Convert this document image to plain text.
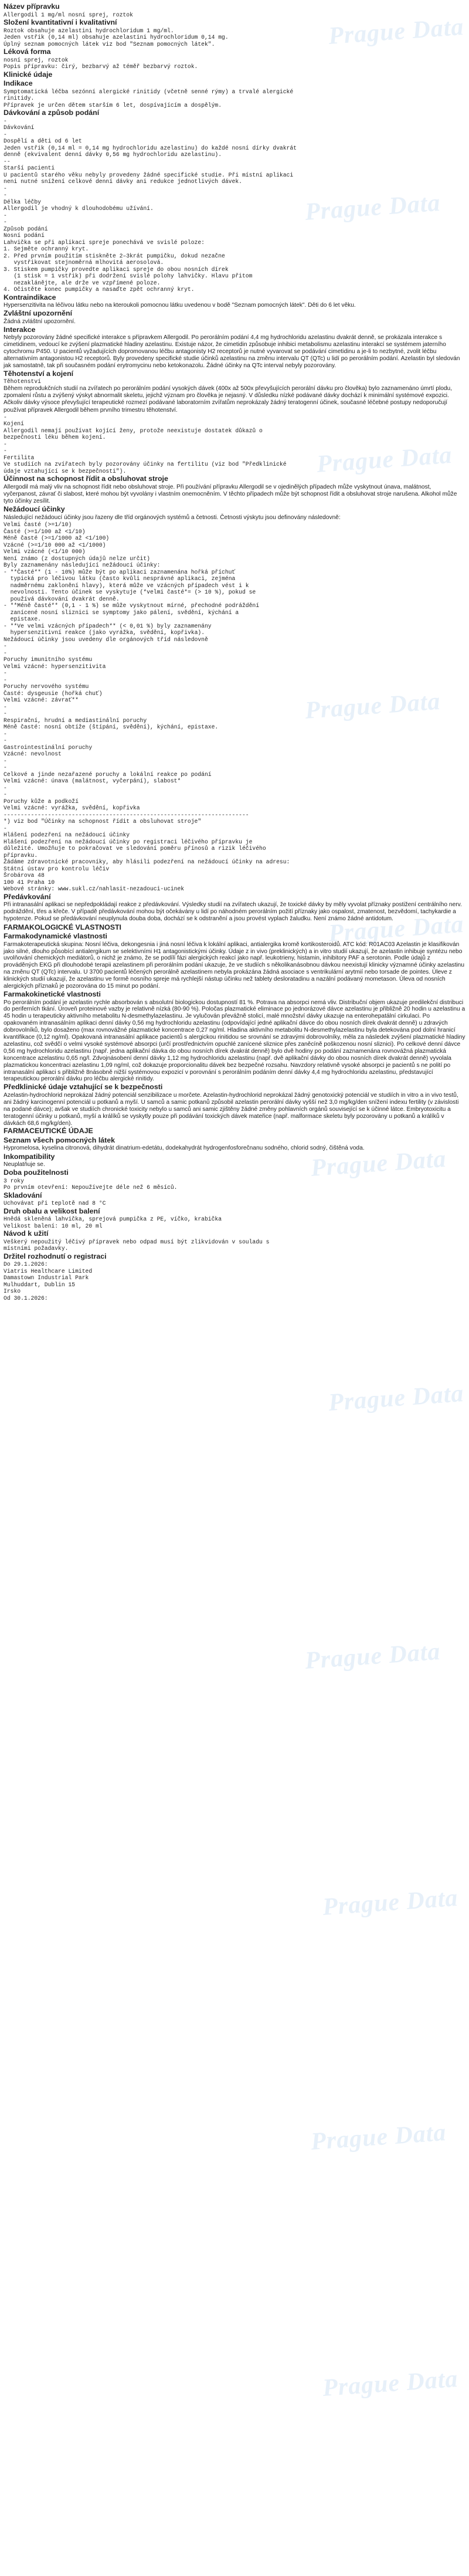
Název přípravku
Allergodil 1 mg/ml nosní sprej, roztok
Složení kvantitativní i kvalitativní
Roztok obsahuje azelastini hydrochloridum 1 mg/ml.
Jeden vstřik (0,14 ml) obsahuje azelastini hydrochloridum 0,14 mg.
Úplný seznam pomocných látek viz bod "Seznam pomocných látek".
Léková forma
nosní sprej, roztok
Popis přípravku: čirý, bezbarvý až téměř bezbarvý roztok.
Klinické údaje
Indikace
Symptomatická léčba sezónní alergické rinitidy (včetně senné rýmy) a trvalé alergické
rinitidy.
Přípravek je určen dětem starším 6 let, dospívajícím a dospělým.
Dávkování a způsob podání
-
Dávkování
-
Dospělí a děti od 6 let
Jeden vstřik (0,14 ml = 0,14 mg hydrochloridu azelastinu) do každé nosní dírky dvakrát
denně (ekvivalent denní dávky 0,56 mg hydrochloridu azelastinu).
--
Starší pacienti
U pacientů starého věku nebyly provedeny žádné specifické studie. Při místní aplikaci
neni nutné snížení celkové denní dávky ani redukce jednotlivých dávek.
-
-
Délka léčby
Allergodil je vhodný k dlouhodobému užívání.
-
-
Způsob podání
Nosní podání
Lahvička se při aplikaci spreje ponechává ve svislé poloze:
1. Sejměte ochranný kryt.
2. Před prvním použitím stiskněte 2–3krát pumpičku, dokud nezačne
vystřikovat stejnoměrná mlhovitá aerosolová.
3. Stiskem pumpičky provedte aplikaci spreje do obou nosních dírek
(1 stisk = 1 vstřik) při dodržení svislé polohy lahvičky. Hlavu přitom
nezaklánějte, ale drže ve vzpřímené poloze.
4. Očistěte konec pumpičky a nasaďte zpět ochranný kryt.
Kontraindikace
Hypersenzitivita na léčivou látku nebo na kteroukoli pomocnou látku uvedenou v bodě "Seznam pomocných látek". Děti do 6 let věku.
Zvláštní upozornění
Žádná zvláštní upozornění.
Interakce
Nebyly pozorovány žádné specifické interakce s přípravkem Allergodil. Po perorálním podání 4,4 mg hydrochloridu azelastinu dvakrát denně, se prokázala interakce s cimetidinem, vedoucí ke zvýšení plazmatické hladiny azelastinu. Existuje názor, že cimetidin způsobuje inhibici metabolismu azelastinu interakcí se systémem jaterního cytochromu P450. U pacientů vyžadujících dopromovanou léčbu antagonisty H2 receptorů je nutné vyvarovat se podávání cimetidinu a je-li to nezbytné, zvolit léčbu alternativním antagonistou H2 receptorů. Byly provedeny specifické studie účinků azelastinu na změnu intervalu QT (QTc) u lidí po perorálním podání. Azelastin byl sledován jak samostatně, tak při současném podání erytromycinu nebo ketokonazolu. Žádné účinky na QTc interval nebyly pozorovány.
Těhotenství a kojení
Těhotenství
Během reprodukčních studií na zvířatech po perorálním podání vysokých dávek (400x až 500x převyšujících perorální dávku pro člověka) bylo zaznamenáno úmrtí plodu, zpomalení růstu a zvýšený výskyt abnormalit skeletu, jejichž význam pro člověka je nejasný. V důsledku nízké podávané dávky dochází k minimální systémové expozici. Ačkoliv dávky výsoce převyšující terapeutické rozmezí podávané laboratorním zvířatům neprokázaly žádný teratogenní účinek, současné léčebné postupy nedoporučují používat přípravek Allergodil během prvního trimestru těhotenství.
-
Kojení
Allergodil nemají používat kojící ženy, protože neexistuje dostatek důkazů o
bezpečnosti léku během kojení.
-
-
Fertilita
Ve studiích na zvířatech byly pozorovány účinky na fertilitu (viz bod "Předklinické
údaje vztahující se k bezpečnosti").
Účinnost na schopnost řídit a obsluhovat stroje
Allergodil má malý vliv na schopnost řídit nebo obsluhovat stroje. Při používání přípravku Allergodil se v ojedinělých případech může vyskytnout únava, malátnost, vyčerpanost, závrať či slabost, které mohou být vyvolány i vlastním onemocněním. V těchto případech může být schopnost řídit a obsluhovat stroje narušena. Alkohol může tyto účinky zesílit.
Nežádoucí účinky
Následující nežádoucí účinky jsou řazeny dle tříd orgánových systémů a četnosti. Četnosti výskytu jsou definovány následovně:
Velmi časté (>=1/10)
Časté (>=1/100 až <1/10)
Méně časté (>=1/1000 až <1/100)
Vzácné (>=1/10 000 až <1/1000)
Velmi vzácné (<1/10 000)
Není známo (z dostupných údajů nelze určit)
Byly zaznamenány následující nežádoucí účinky:
- **Časté** (1 - 10%) může být po aplikaci zaznamenána hořká příchuť
typická pro léčivou látku (často kvůli nesprávné aplikaci, zejména
nadměrnému zaklonění hlavy), která může ve vzácných případech vést i k
nevolnosti. Tento účinek se vyskytuje (*velmi časté*= (> 10 %), pokud se
používá dávkování dvakrát denně.
- **Méně časté** (0,1 - 1 %) se může vyskytnout mírné, přechodné podráždění
zanícené nosní sliznici se symptomy jako pálení, svědění, kýchání a
epistaxe.
- **Ve velmi vzácných případech** (< 0,01 %) byly zaznamenány
hypersenzitivní reakce (jako vyrážka, svědění, kopřivka).
Nežádoucí účinky jsou uvedeny dle orgánových tříd následovně
-
-
Poruchy imunitního systému
Velmi vzácné: hypersenzitivita
-
-
Poruchy nervového systému
Časté: dysgeusie (hořká chuť)
Velmi vzácné: závrať**
-
-
Respirační, hrudní a mediastinální poruchy
Méně časté: nosní obtíže (štípání, svědění), kýchání, epistaxe.
-
-
Gastrointestinální poruchy
Vzácné: nevolnost
-
-
Celkové a jinde nezařazené poruchy a lokální reakce po podání
Velmi vzácné: únava (malátnost, vyčerpání), slabost*
-
-
Poruchy kůže a podkoží
Velmi vzácné: vyrážka, svědění, kopřivka
------------------------------------------------------------------------
*) viz bod "Účinky na schopnost řídit a obsluhovat stroje"
-
Hlášení podezření na nežádoucí účinky
Hlášení podezření na nežádoucí účinky po registraci léčivého přípravku je
důležité. Umožňuje to pokračovat ve sledování poměru přínosů a rizik léčivého
přípravku.
Žádáme zdravotnické pracovníky, aby hlásili podezření na nežádoucí účinky na adresu:
Státní ústav pro kontrolu léčiv
Šrobárova 48
100 41 Praha 10
Webové stránky: www.sukl.cz/nahlasit-nezadouci-ucinek
Předávkování
Při intranasální aplikaci se nepředpokládají reakce z předávkování. Výsledky studií na zvířatech ukazují, že toxické dávky by měly vyvolat příznaky postižení centrálního nerv. podráždění, třes a křeče. V případě předávkování mohou být očekávány u lidí po náhodném perorálním požití příznaky jako ospalost, zmatenost, bezvědomí, tachykardie a hypotenze. Pokud se předávkování neuplynula douba doba, dochází se k odstranění a jsou provést vyplach žaludku. Není známo žádné antidotum.
FARMAKOLOGICKÉ VLASTNOSTI
Farmakodynamické vlastnosti
Farmakoterapeutická skupina: Nosní léčiva, dekongesnia i jiná nosní léčiva k lokální aplikaci, antialergika kromě kortikosteroidů. ATC kód: R01AC03 Azelastin je klasifikován jako silné, dlouho působící antialergikum se selektivními H1 antagonistickými účinky. Údaje z in vivo (preklinických) a in vitro studií ukazují, že azelastin inhibuje syntézu nebo uvolňování chemických mediátorů, o nichž je známo, že se podílí fázi alergických reakcí jako např. leukotrieny, histamin, inhibitory PAF a serotonin. Podle údajů z prováděných EKG při dlouhodobé terapii azelastinem při perorálním podání ukazuje, že ve studiích s několikanásobnou dávkou neexistují klinicky významné účinky azelastinu na změnu QT (QTc) intervalu. U 3700 pacientů léčených perorálně azelastinem nebyla prokázána žádná asociace s ventrikulární arytmií nebo torsade de pointes. Úleve z klinických studií ukazují, že azelastinu ve formě nosního spreje má rychlejší nástup účinku než tablety desloratadinu a nazální podávaný mometason. Úleva od nosních alergických příznaků je pozorována do 15 minut po podání.
Farmakokinetické vlastnosti
Po perorálním podání je azelastin rychle absorbován s absolutní biologickou dostupností 81 %. Potrava na absorpci nemá vliv. Distribuční objem ukazuje predilekční distribuci do periferních tkání. Úroveň proteinové vazby je relativně nízká (80-90 %). Poločas plazmatické eliminace po jednorázové dávce azelastinu je přibližně 20 hodin u azelastinu a 45 hodin u terapeuticky aktivního metabolitu N-desmethylazelastinu. Je vylučován převážně stolicí, malé množství dávky ukazuje na enterohepatální cirkulaci. Po opakovaném intranasálním aplikaci denní dávky 0,56 mg hydrochloridu azelastinu (odpovídající jedné aplikační dávce do obou nosních dírek dvakrát denně) u zdravých dobrovolníků, bylo dosaženo (max rovnovážné plazmatické koncentrace 0,27 ng/ml. Hladina aktivního metabolitu N-desmethylazelastinu byla detekována pod dolní hranicí kvantifikace (0,12 ng/ml). Opakovaná intranasální aplikace pacientů s alergickou rinitidou se srovnání se zdravými dobrovolníky, měla za následek zvýšení plazmatické hladiny azelastinu, což svědčí o velmi vysoké systémové absorpci (určí prostřednictvím opuchlé zanícené sliznice přes zaněcíně poškozenou nosní sliznici). Po celkové denní dávce 0,56 mg hydrochloridu azelastinu (např. jedna aplikační dávka do obou nosních dírek dvakrát denně) bylo dvě hodiny po podání zaznamenána rovnovážná plazmatická koncentrace azelastinu 0,65 ng/l. Zdvojnásobení denní dávky 1,12 mg hydrochloridu azelastinu (např. dvě aplikační dávky do obou nosních dírek dvakrát denně) vyvolala plazmatickou koncentraci azelastinu 1,09 ng/ml, což dokazuje proporcionalitu dávek bez bezpečné rozsahu. Navzdory relativně vysoké absorpci je pacientů s ne polití po intranasální aplikaci s přibližně 8násobně nižší systémovou expozicí v porovnání s perorálním podáním denní dávky 4,4 mg hydrochloridu azelastinu, představující terapeutickou perorální dávku pro léčbu alergické rinitidy.
Předklinické údaje vztahující se k bezpečnosti
Azelastin-hydrochlorid neprokázal žádný potenciál senzibilizace u morčete. Azelastin-hydrochlorid neprokázal žádný genotoxický potenciál ve studiích in vitro a in vivo testů, ani žádný karcinogenní potenciál u potkanů a myší. U samců a samic potkanů způsobil azelastin perorální dávky vyšší než 3,0 mg/kg/den snížení indexu fertility (v závislosti na podané dávce); avšak ve studiích chronické toxicity nebylo u samců ani samic zjištěny žádné změny pohlavních orgánů související se k účinné látce. Embryotoxicitu a teratogenní účinky u potkanů, myší a králíků se vyskytly pouze při podávání toxických dávek mateřice (např. malformace skeletu byly pozorovány u potkanů a králíků v dávkách 68,6 mg/kg/den).
FARMACEUTICKÉ ÚDAJE
Seznam všech pomocných látek
Hypromelosa, kyselina citronová, dihydrát dinatrium-edetátu, dodekahydrát hydrogenfosforečnanu sodného, chlorid sodný, čištěná voda.
Inkompatibility
Neuplatňuje se.
Doba použitelnosti
3 roky
Po prvním otevření: Nepoužívejte déle než 6 měsíců.
Skladování
Uchovávat při teplotě nad 8 °C
Druh obalu a velikost balení
Hnědá skleněná lahvička, sprejová pumpička z PE, víčko, krabička
Velikost balení: 10 ml, 20 ml
Návod k užití
Veškerý nepoužitý léčivý přípravek nebo odpad musí být zlikvidován v souladu s
místními požadavky.
Držitel rozhodnutí o registraci
Do 29.1.2026:
Viatris Healthcare Limited
Damastown Industrial Park
Mulhuddart, Dublin 15
Irsko
Od 30.1.2026:
Prague Data
Prague Data
Prague Data
Prague Data
Prague Data
Prague Data
Prague Data
Prague Data
Prague Data
Prague Data
Prague Data
